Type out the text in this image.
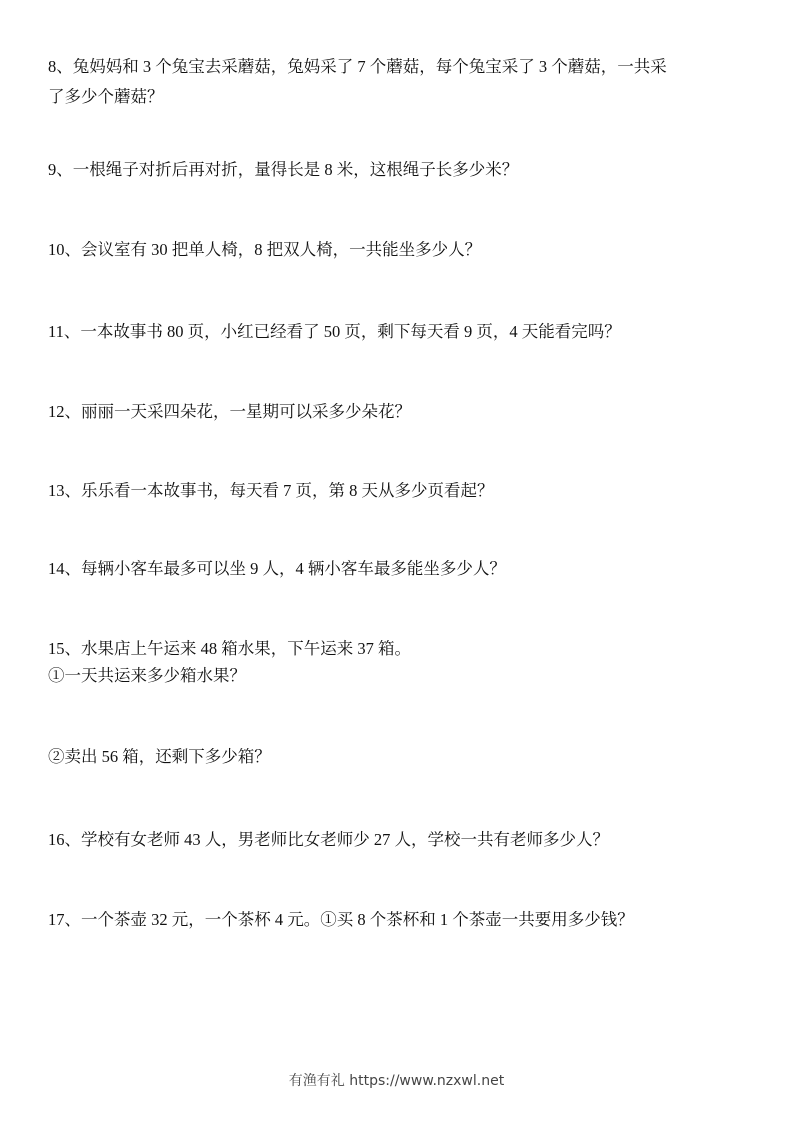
8、兔妈妈和 3 个兔宝去采蘑菇，兔妈采了 7 个蘑菇，每个兔宝采了 3 个蘑菇，一共采
了多少个蘑菇？
9、一根绳子对折后再对折，量得长是 8 米，这根绳子长多少米？
10、会议室有 30 把单人椅，8 把双人椅，一共能坐多少人？
11、一本故事书 80 页，小红已经看了 50 页，剩下每天看 9 页，4 天能看完吗？
12、丽丽一天采四朵花，一星期可以采多少朵花？
13、乐乐看一本故事书，每天看 7 页，第 8 天从多少页看起？
14、每辆小客车最多可以坐 9 人，4 辆小客车最多能坐多少人？
15、水果店上午运来 48 箱水果，下午运来 37 箱。
①一天共运来多少箱水果？
②卖出 56 箱，还剩下多少箱？
16、学校有女老师 43 人，男老师比女老师少 27 人，学校一共有老师多少人？
17、一个茶壶 32 元，一个茶杯 4 元。①买 8 个茶杯和 1 个茶壶一共要用多少钱？
有渔有礼 https://www.nzxwl.net
